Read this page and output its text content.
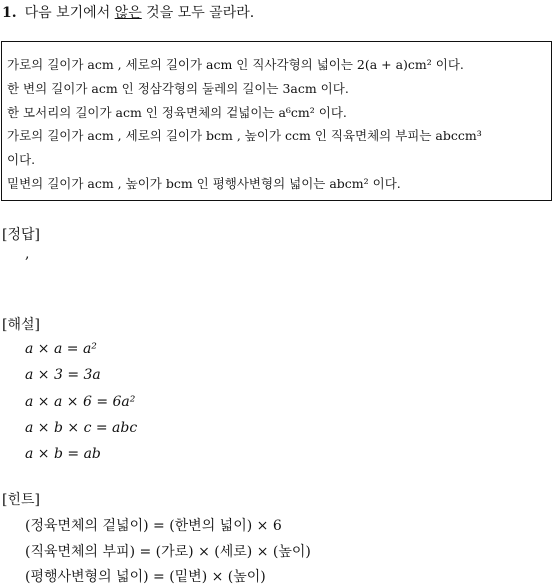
1. 다음 보기에서 않은 것을 모두 골라라.
가로의 길이가 acm , 세로의 길이가 acm 인 직사각형의 넓이는 2(a + a)cm² 이다.
한 변의 길이가 acm 인 정삼각형의 둘레의 길이는 3acm 이다.
한 모서리의 길이가 acm 인 정육면체의 겉넓이는 a⁶cm² 이다.
가로의 길이가 acm , 세로의 길이가 bcm , 높이가 ccm 인 직육면체의 부피는 abccm³
이다.
밑변의 길이가 acm , 높이가 bcm 인 평행사변형의 넓이는 abcm² 이다.
[정답]
,
[해설]
a × a = a²
a × 3 = 3a
a × a × 6 = 6a²
a × b × c = abc
a × b = ab
[힌트]
(정육면체의 겉넓이) = (한변의 넓이) × 6
(직육면체의 부피) = (가로) × (세로) × (높이)
(평행사변형의 넓이) = (밑변) × (높이)
